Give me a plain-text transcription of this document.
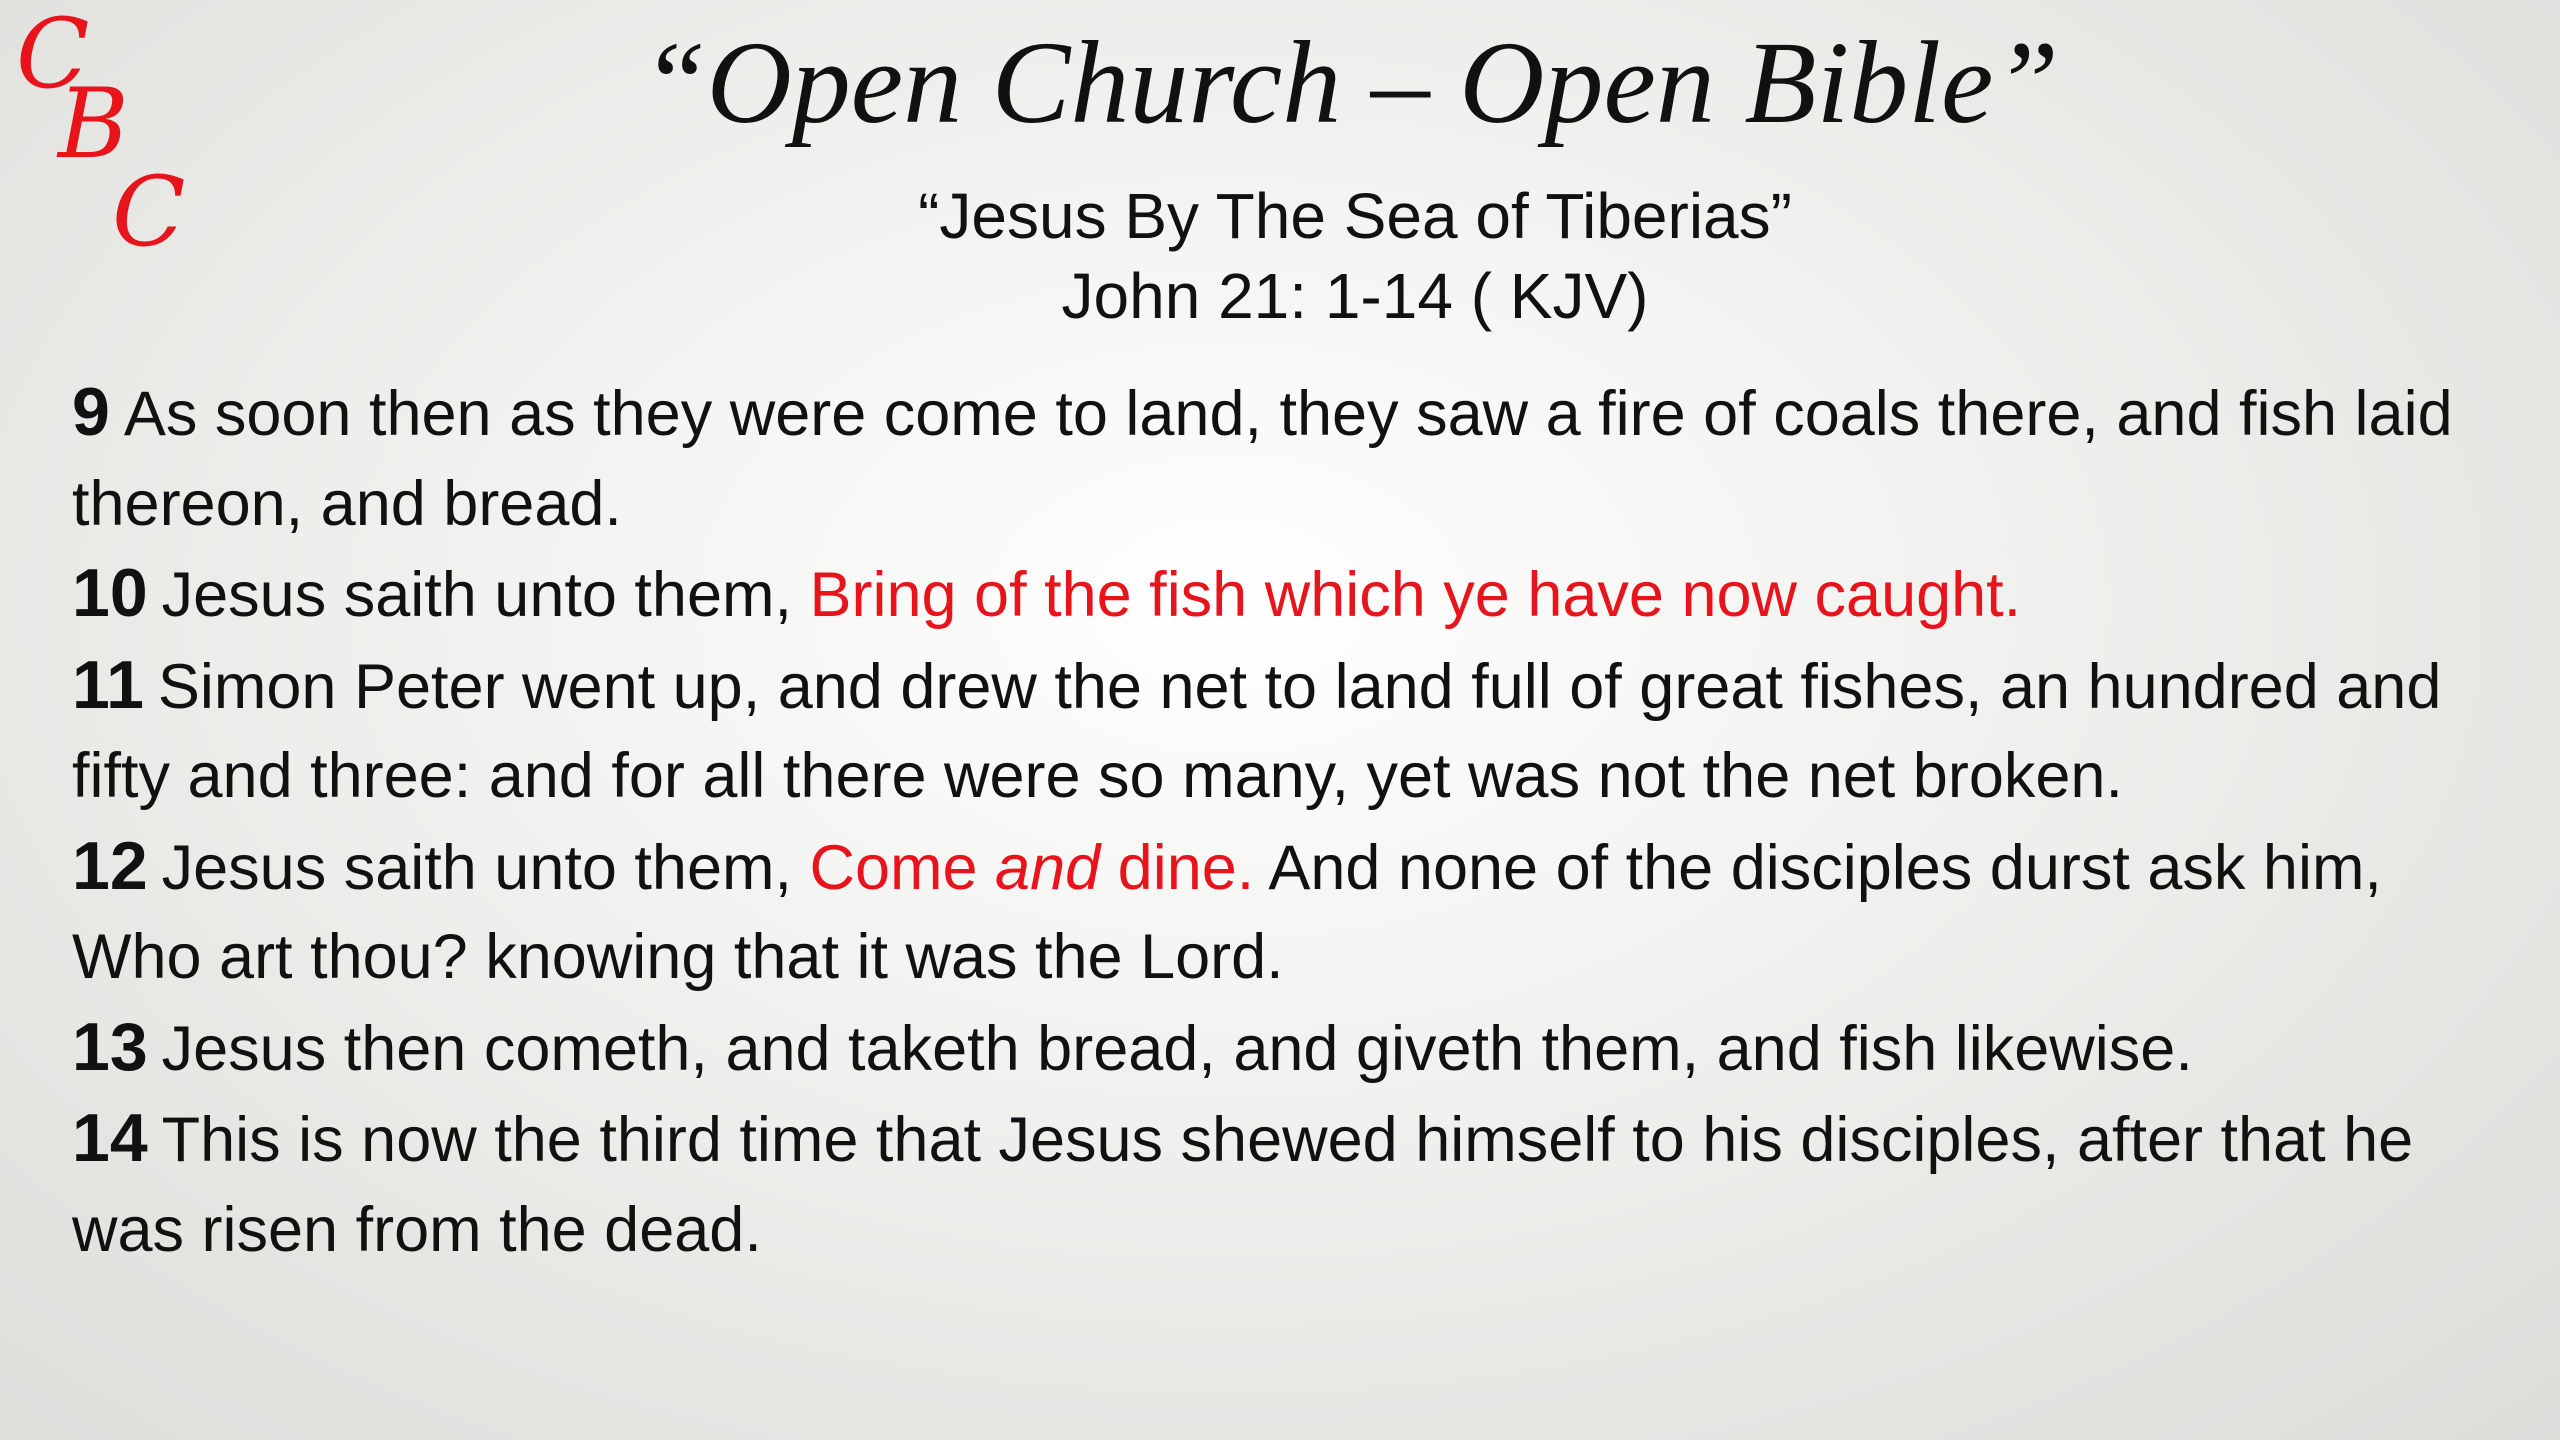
C
B
C
“Open Church – Open Bible”
“Jesus By The Sea of Tiberias”
John 21: 1-14 ( KJV)

9 As soon then as they were come to land, they saw a fire of coals there, and fish laid thereon, and bread.

10 Jesus saith unto them, Bring of the fish which ye have now caught.

11 Simon Peter went up, and drew the net to land full of great fishes, an hundred and fifty and three: and for all there were so many, yet was not the net broken.

12 Jesus saith unto them, Come and dine. And none of the disciples durst ask him, Who art thou? knowing that it was the Lord.

13 Jesus then cometh, and taketh bread, and giveth them, and fish likewise.

14 This is now the third time that Jesus shewed himself to his disciples, after that he was risen from the dead.
